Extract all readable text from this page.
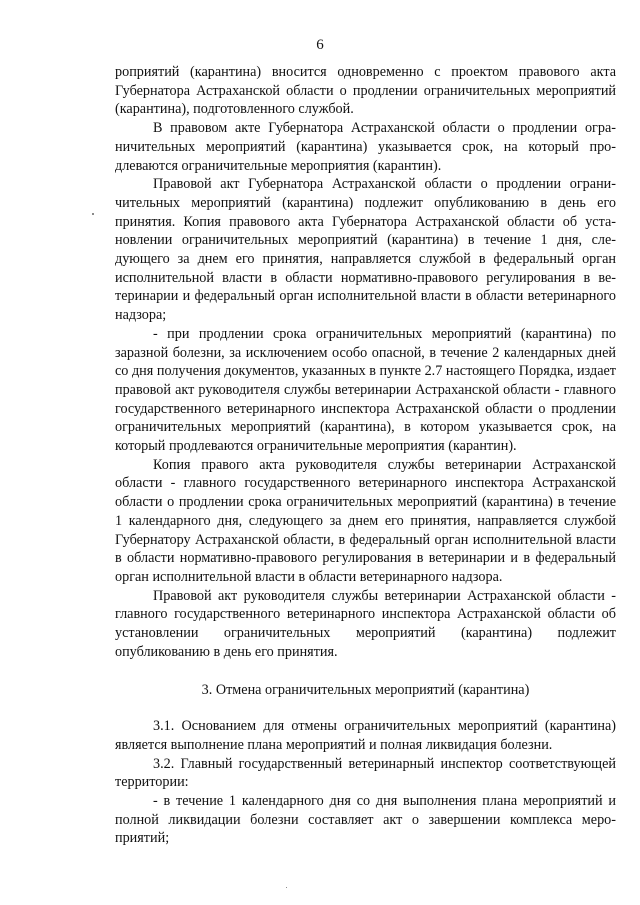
6

роприятий (карантина) вносится одновременно с проектом правового акта Губернатора Астраханской области о продлении ограничительных мероприятий (карантина), подготовленного службой.

В правовом акте Губернатора Астраханской области о продлении ограничительных мероприятий (карантина) указывается срок, на который продлеваются ограничительные мероприятия (карантин).

Правовой акт Губернатора Астраханской области о продлении ограничительных мероприятий (карантина) подлежит опубликованию в день его принятия. Копия правового акта Губернатора Астраханской области об установлении ограничительных мероприятий (карантина) в течение 1 дня, следующего за днем его принятия, направляется службой в федеральный орган исполнительной власти в области нормативно-правового регулирования в ветеринарии и федеральный орган исполнительной власти в области ветеринарного надзора;

- при продлении срока ограничительных мероприятий (карантина) по заразной болезни, за исключением особо опасной, в течение 2 календарных дней со дня получения документов, указанных в пункте 2.7 настоящего Порядка, издает правовой акт руководителя службы ветеринарии Астраханской области - главного государственного ветеринарного инспектора Астраханской области о продлении ограничительных мероприятий (карантина), в котором указывается срок, на который продлеваются ограничительные мероприятия (карантин).

Копия правого акта руководителя службы ветеринарии Астраханской области - главного государственного ветеринарного инспектора Астраханской области о продлении срока ограничительных мероприятий (карантина) в течение 1 календарного дня, следующего за днем его принятия, направляется службой Губернатору Астраханской области, в федеральный орган исполнительной власти в области нормативно-правового регулирования в ветеринарии и в федеральный орган исполнительной власти в области ветеринарного надзора.

Правовой акт руководителя службы ветеринарии Астраханской области - главного государственного ветеринарного инспектора Астраханской области об установлении ограничительных мероприятий (карантина) подлежит опубликованию в день его принятия.

3. Отмена ограничительных мероприятий (карантина)

3.1. Основанием для отмены ограничительных мероприятий (карантина) является выполнение плана мероприятий и полная ликвидация болезни.

3.2. Главный государственный ветеринарный инспектор соответствующей территории:

- в течение 1 календарного дня со дня выполнения плана мероприятий и полной ликвидации болезни составляет акт о завершении комплекса мероприятий;
